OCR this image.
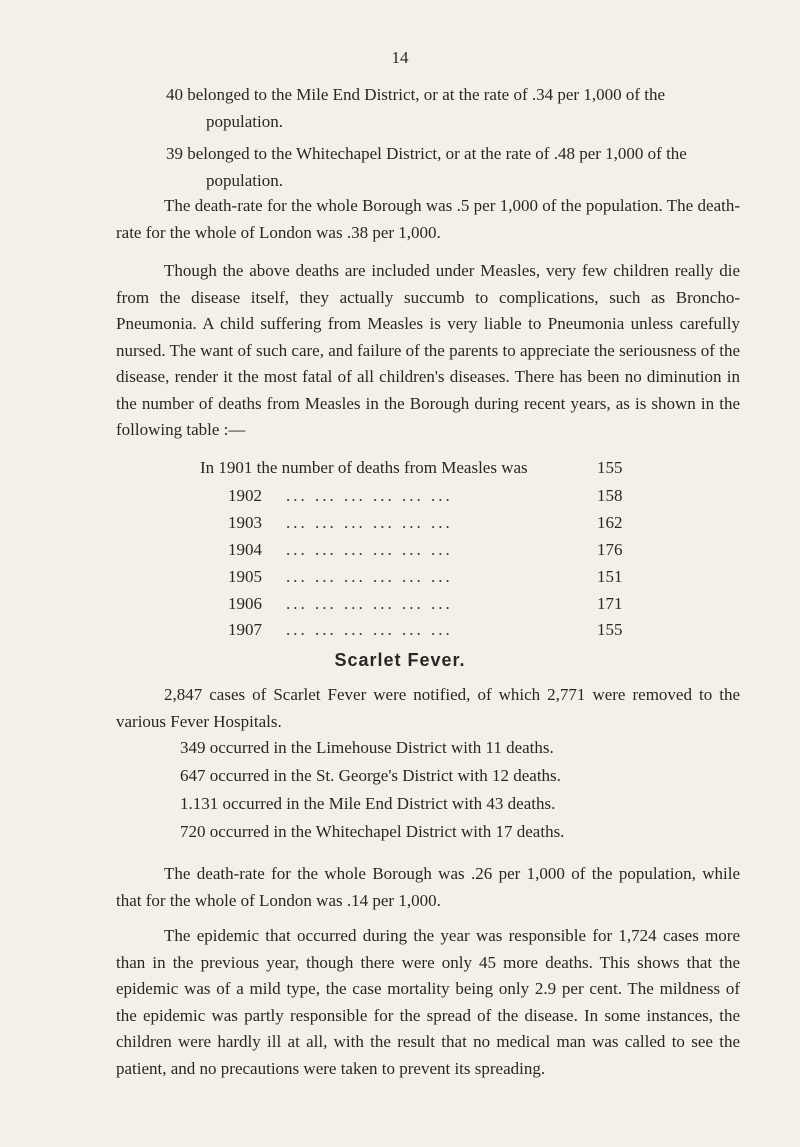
14

40 belonged to the Mile End District, or at the rate of .34 per 1,000 of the population.

39 belonged to the Whitechapel District, or at the rate of .48 per 1,000 of the population.

The death-rate for the whole Borough was .5 per 1,000 of the population. The death-rate for the whole of London was .38 per 1,000.

Though the above deaths are included under Measles, very few children really die from the disease itself, they actually succumb to complications, such as Broncho-Pneumonia. A child suffering from Measles is very liable to Pneumonia unless carefully nursed. The want of such care, and failure of the parents to appreciate the seriousness of the disease, render it the most fatal of all children's diseases. There has been no diminution in the number of deaths from Measles in the Borough during recent years, as is shown in the following table :—

In 1901 the number of deaths from Measles was	155
1902 ... ... ... ... ... ...	158
1903 ... ... ... ... ... ...	162
1904 ... ... ... ... ... ...	176
1905 ... ... ... ... ... ...	151
1906 ... ... ... ... ... ...	171
1907 ... ... ... ... ... ...	155
Scarlet Fever.

2,847 cases of Scarlet Fever were notified, of which 2,771 were removed to the various Fever Hospitals.

349 occurred in the Limehouse District with 11 deaths.
647 occurred in the St. George's District with 12 deaths.
1.131 occurred in the Mile End District with 43 deaths.
720 occurred in the Whitechapel District with 17 deaths.

The death-rate for the whole Borough was .26 per 1,000 of the population, while that for the whole of London was .14 per 1,000.

The epidemic that occurred during the year was responsible for 1,724 cases more than in the previous year, though there were only 45 more deaths. This shows that the epidemic was of a mild type, the case mortality being only 2.9 per cent. The mildness of the epidemic was partly responsible for the spread of the disease. In some instances, the children were hardly ill at all, with the result that no medical man was called to see the patient, and no precautions were taken to prevent its spreading.
